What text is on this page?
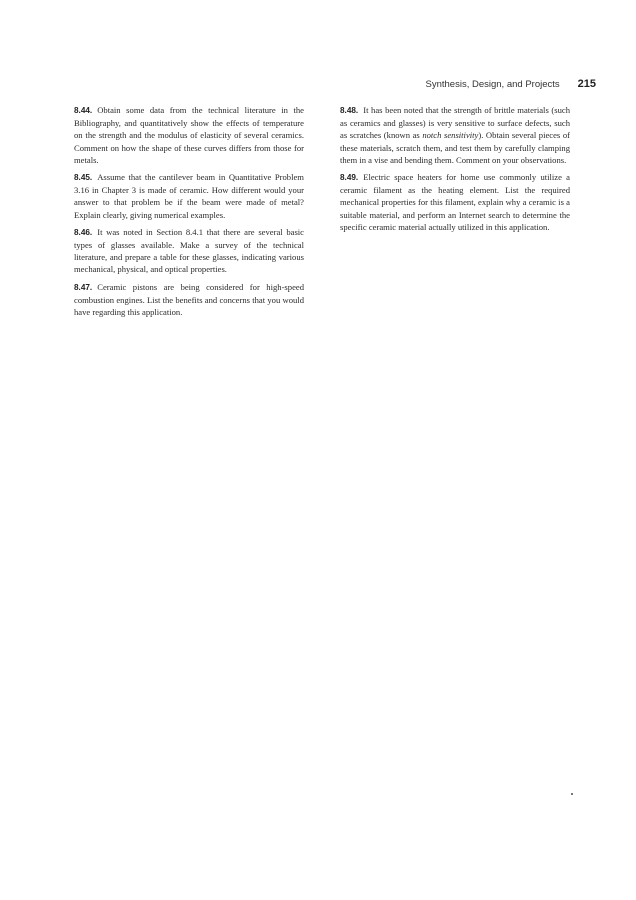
Synthesis, Design, and Projects 215

8.44. Obtain some data from the technical literature in the Bibliography, and quantitatively show the effects of temperature on the strength and the modulus of elasticity of several ceramics. Comment on how the shape of these curves differs from those for metals.

8.45. Assume that the cantilever beam in Quantitative Problem 3.16 in Chapter 3 is made of ceramic. How different would your answer to that problem be if the beam were made of metal? Explain clearly, giving numerical examples.

8.46. It was noted in Section 8.4.1 that there are several basic types of glasses available. Make a survey of the technical literature, and prepare a table for these glasses, indicating various mechanical, physical, and optical properties.

8.47. Ceramic pistons are being considered for high-speed combustion engines. List the benefits and concerns that you would have regarding this application.

8.48. It has been noted that the strength of brittle materials (such as ceramics and glasses) is very sensitive to surface defects, such as scratches (known as notch sensitivity). Obtain several pieces of these materials, scratch them, and test them by carefully clamping them in a vise and bending them. Comment on your observations.

8.49. Electric space heaters for home use commonly utilize a ceramic filament as the heating element. List the required mechanical properties for this filament, explain why a ceramic is a suitable material, and perform an Internet search to determine the specific ceramic material actually utilized in this application.
